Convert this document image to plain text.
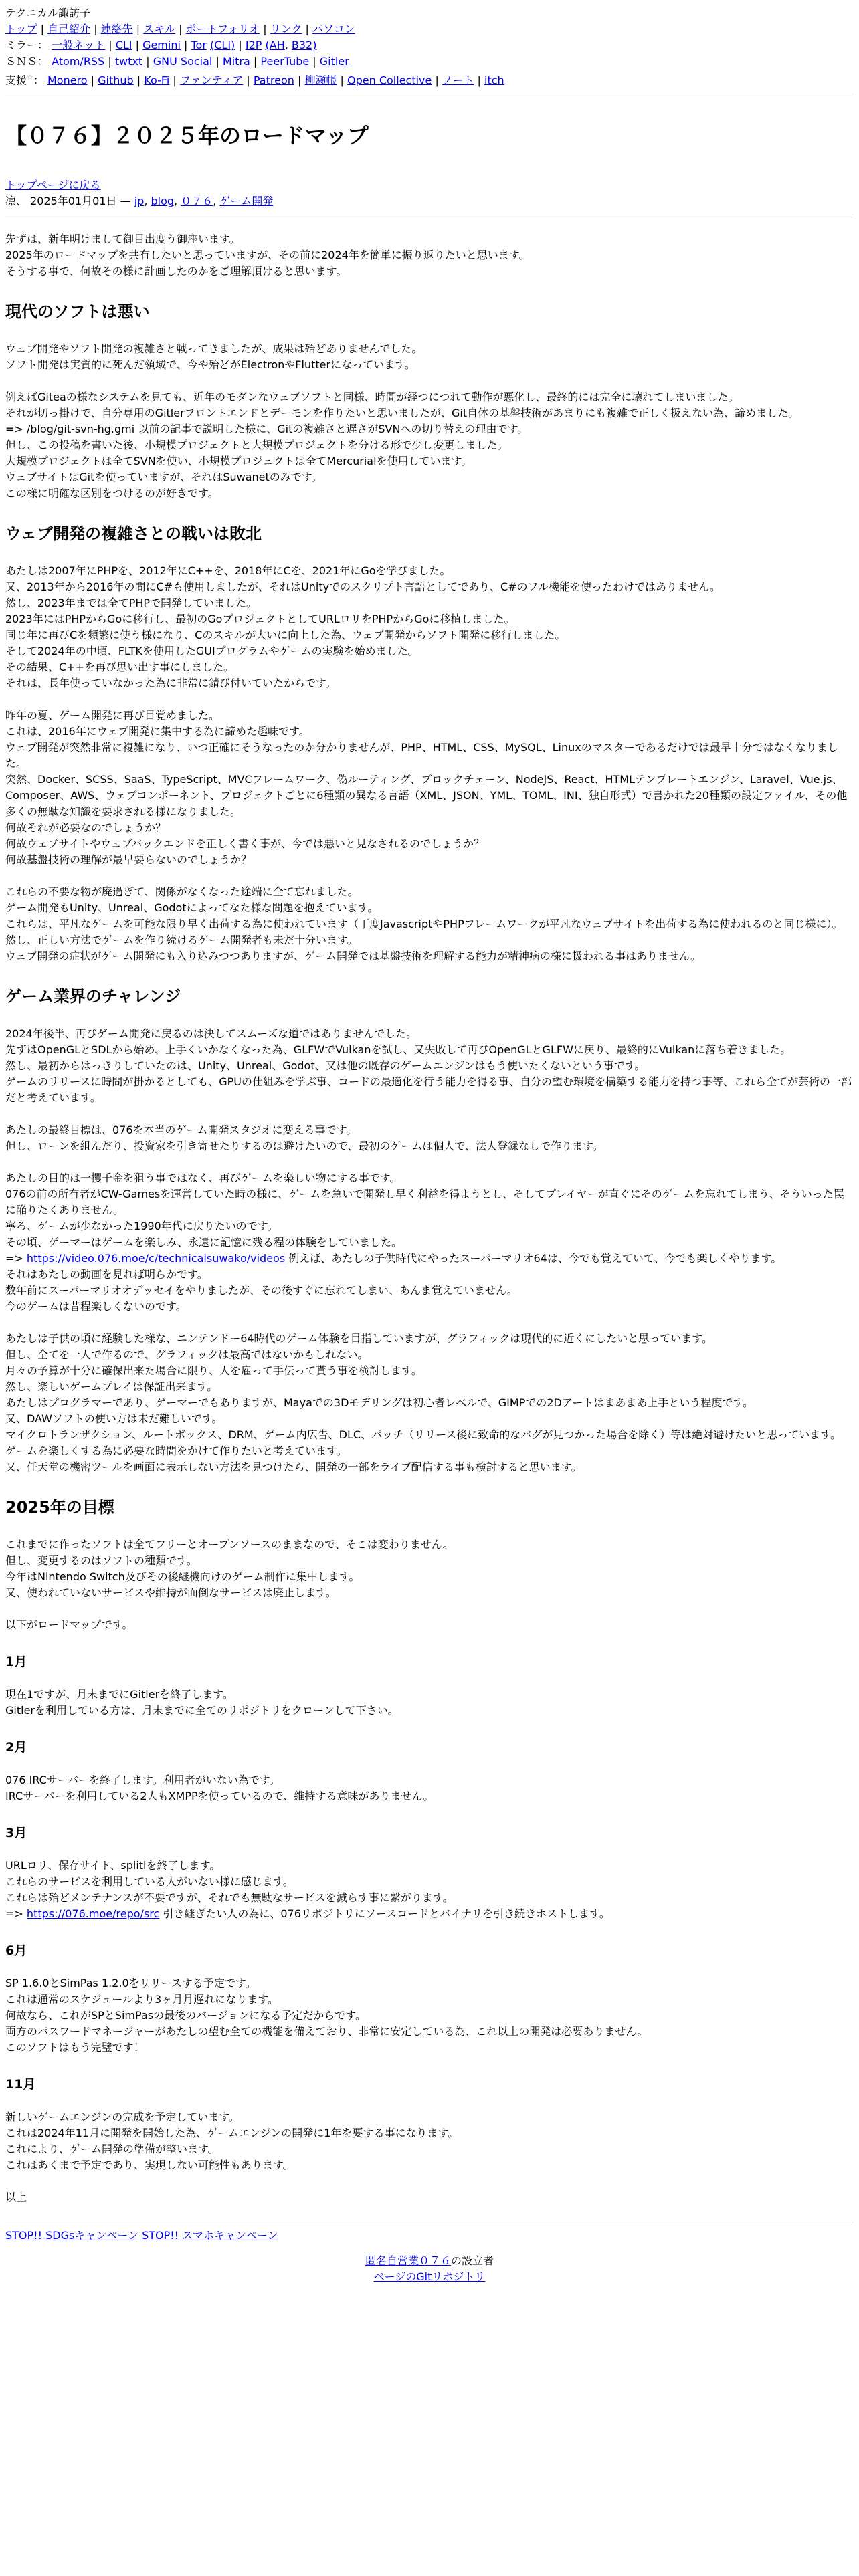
テクニカル諏訪子
トップ | 自己紹介 | 連絡先 | スキル | ポートフォリオ | リンク | パソコン
ミラー： 一般ネット | CLI | Gemini | Tor (CLI) | I2P (AH, B32)
ＳＮＳ： Atom/RSS | twtxt | GNU Social | Mitra | PeerTube | Gitler
支援☆： Monero | Github | Ko-Fi | ファンティア | Patreon | 柳瀬帳 | Open Collective | ノート | itch
【０７６】２０２５年のロードマップ
トップページに戻る
凛、 2025年01月01日 — jp, blog, ０７６, ゲーム開発
先ずは、新年明けまして御目出度う御座います。
2025年のロードマップを共有したいと思っていますが、その前に2024年を簡単に振り返りたいと思います。
そうする事で、何故その様に計画したのかをご理解頂けると思います。
現代のソフトは悪い
ウェブ開発やソフト開発の複雑さと戦ってきましたが、成果は殆どありませんでした。
ソフト開発は実質的に死んだ領域で、今や殆どがElectronやFlutterになっています。
例えばGiteaの様なシステムを見ても、近年のモダンなウェブソフトと同様、時間が経つにつれて動作が悪化し、最終的には完全に壊れてしまいました。
それが切っ掛けで、自分専用のGitlerフロントエンドとデーモンを作りたいと思いましたが、Git自体の基盤技術があまりにも複雑で正しく扱えない為、諦めました。
=> /blog/git-svn-hg.gmi 以前の記事で説明した様に、Gitの複雑さと遅さがSVNへの切り替えの理由です。
但し、この投稿を書いた後、小規模プロジェクトと大規模プロジェクトを分ける形で少し変更しました。
大規模プロジェクトは全てSVNを使い、小規模プロジェクトは全てMercurialを使用しています。
ウェブサイトはGitを使っていますが、それはSuwanetのみです。
この様に明確な区別をつけるのが好きです。
ウェブ開発の複雑さとの戦いは敗北
あたしは2007年にPHPを、2012年にC++を、2018年にCを、2021年にGoを学びました。
又、2013年から2016年の間にC#も使用しましたが、それはUnityでのスクリプト言語としてであり、C#のフル機能を使ったわけではありません。
然し、2023年までは全てPHPで開発していました。
2023年にはPHPからGoに移行し、最初のGoプロジェクトとしてURLロリをPHPからGoに移植しました。
同じ年に再びCを頻繁に使う様になり、Cのスキルが大いに向上した為、ウェブ開発からソフト開発に移行しました。
そして2024年の中頃、FLTKを使用したGUIプログラムやゲームの実験を始めました。
その結果、C++を再び思い出す事にしました。
それは、長年使っていなかった為に非常に錆び付いていたからです。
昨年の夏、ゲーム開発に再び目覚めました。
これは、2016年にウェブ開発に集中する為に諦めた趣味です。
ウェブ開発が突然非常に複雑になり、いつ正確にそうなったのか分かりませんが、PHP、HTML、CSS、MySQL、Linuxのマスターであるだけでは最早十分ではなくなりました。
突然、Docker、SCSS、SaaS、TypeScript、MVCフレームワーク、偽ルーティング、ブロックチェーン、NodeJS、React、HTMLテンプレートエンジン、Laravel、Vue.js、Composer、AWS、ウェブコンポーネント、プロジェクトごとに6種類の異なる言語（XML、JSON、YML、TOML、INI、独自形式）で書かれた20種類の設定ファイル、その他多くの無駄な知識を要求される様になりました。
何故それが必要なのでしょうか？
何故ウェブサイトやウェブバックエンドを正しく書く事が、今では悪いと見なされるのでしょうか？
何故基盤技術の理解が最早要らないのでしょうか？
これらの不要な物が廃過ぎて、関係がなくなった途端に全て忘れました。
ゲーム開発もUnity、Unreal、Godotによってなた様な問題を抱えています。
これらは、平凡なゲームを可能な限り早く出荷する為に使われています（丁度JavascriptやPHPフレームワークが平凡なウェブサイトを出荷する為に使われるのと同じ様に）。
然し、正しい方法でゲームを作り続けるゲーム開発者も未だ十分います。
ウェブ開発の症状がゲーム開発にも入り込みつつありますが、ゲーム開発では基盤技術を理解する能力が精神病の様に扱われる事はありません。
ゲーム業界のチャレンジ
2024年後半、再びゲーム開発に戻るのは決してスムーズな道ではありませんでした。
先ずはOpenGLとSDLから始め、上手くいかなくなった為、GLFWでVulkanを試し、又失敗して再びOpenGLとGLFWに戻り、最終的にVulkanに落ち着きました。
然し、最初からはっきりしていたのは、Unity、Unreal、Godot、又は他の既存のゲームエンジンはもう使いたくないという事です。
ゲームのリリースに時間が掛かるとしても、GPUの仕組みを学ぶ事、コードの最適化を行う能力を得る事、自分の望む環境を構築する能力を持つ事等、これら全てが芸術の一部だと考えています。
あたしの最終目標は、076を本当のゲーム開発スタジオに変える事です。
但し、ローンを組んだり、投資家を引き寄せたりするのは避けたいので、最初のゲームは個人で、法人登録なしで作ります。
あたしの目的は一攫千金を狙う事ではなく、再びゲームを楽しい物にする事です。
076の前の所有者がCW-Gamesを運営していた時の様に、ゲームを急いで開発し早く利益を得ようとし、そしてプレイヤーが直ぐにそのゲームを忘れてしまう、そういった罠に陥りたくありません。
寧ろ、ゲームが少なかった1990年代に戻りたいのです。
その頃、ゲーマーはゲームを楽しみ、永遠に記憶に残る程の体験をしていました。
=> https://video.076.moe/c/technicalsuwako/videos 例えば、あたしの子供時代にやったスーパーマリオ64は、今でも覚えていて、今でも楽しくやります。
それはあたしの動画を見れば明らかです。
数年前にスーパーマリオオデッセイをやりましたが、その後すぐに忘れてしまい、あんま覚えていません。
今のゲームは昔程楽しくないのです。
あたしは子供の頃に経験した様な、ニンテンドー64時代のゲーム体験を目指していますが、グラフィックは現代的に近くにしたいと思っています。
但し、全てを一人で作るので、グラフィックは最高ではないかもしれない。
月々の予算が十分に確保出来た場合に限り、人を雇って手伝って貰う事を検討します。
然し、楽しいゲームプレイは保証出来ます。
あたしはプログラマーであり、ゲーマーでもありますが、Mayaでの3Dモデリングは初心者レベルで、GIMPでの2Dアートはまあまあ上手という程度です。
又、DAWソフトの使い方は未だ難しいです。
マイクロトランザクション、ルートボックス、DRM、ゲーム内広告、DLC、パッチ（リリース後に致命的なバグが見つかった場合を除く）等は絶対避けたいと思っています。
ゲームを楽しくする為に必要な時間をかけて作りたいと考えています。
又、任天堂の機密ツールを画面に表示しない方法を見つけたら、開発の一部をライブ配信する事も検討すると思います。
2025年の目標
これまでに作ったソフトは全てフリーとオープンソースのままなので、そこは変わりません。
但し、変更するのはソフトの種類です。
今年はNintendo Switch及びその後継機向けのゲーム制作に集中します。
又、使われていないサービスや維持が面倒なサービスは廃止します。
以下がロードマップです。
1月
現在1ですが、月末までにGitlerを終了します。
Gitlerを利用している方は、月末までに全てのリポジトリをクローンして下さい。
2月
076 IRCサーバーを終了します。利用者がいない為です。
IRCサーバーを利用している2人もXMPPを使っているので、維持する意味がありません。
3月
URLロリ、保存サイト、splitlを終了します。
これらのサービスを利用している人がいない様に感じます。
これらは殆どメンテナンスが不要ですが、それでも無駄なサービスを減らす事に繋がります。
=> https://076.moe/repo/src 引き継ぎたい人の為に、076リポジトリにソースコードとバイナリを引き続きホストします。
6月
SP 1.6.0とSimPas 1.2.0をリリースする予定です。
これは通常のスケジュールより3ヶ月月遅れになります。
何故なら、これがSPとSimPasの最後のバージョンになる予定だからです。
両方のパスワードマネージャーがあたしの望む全ての機能を備えており、非常に安定している為、これ以上の開発は必要ありません。
このソフトはもう完璧です！
11月
新しいゲームエンジンの完成を予定しています。
これは2024年11月に開発を開始した為、ゲームエンジンの開発に1年を要する事になります。
これにより、ゲーム開発の準備が整います。
これはあくまで予定であり、実現しない可能性もあります。
以上
STOP!! SDGsキャンペーン STOP!! スマホキャンペーン
匿名自営業０７６の設立者
ページのGitリポジトリ
